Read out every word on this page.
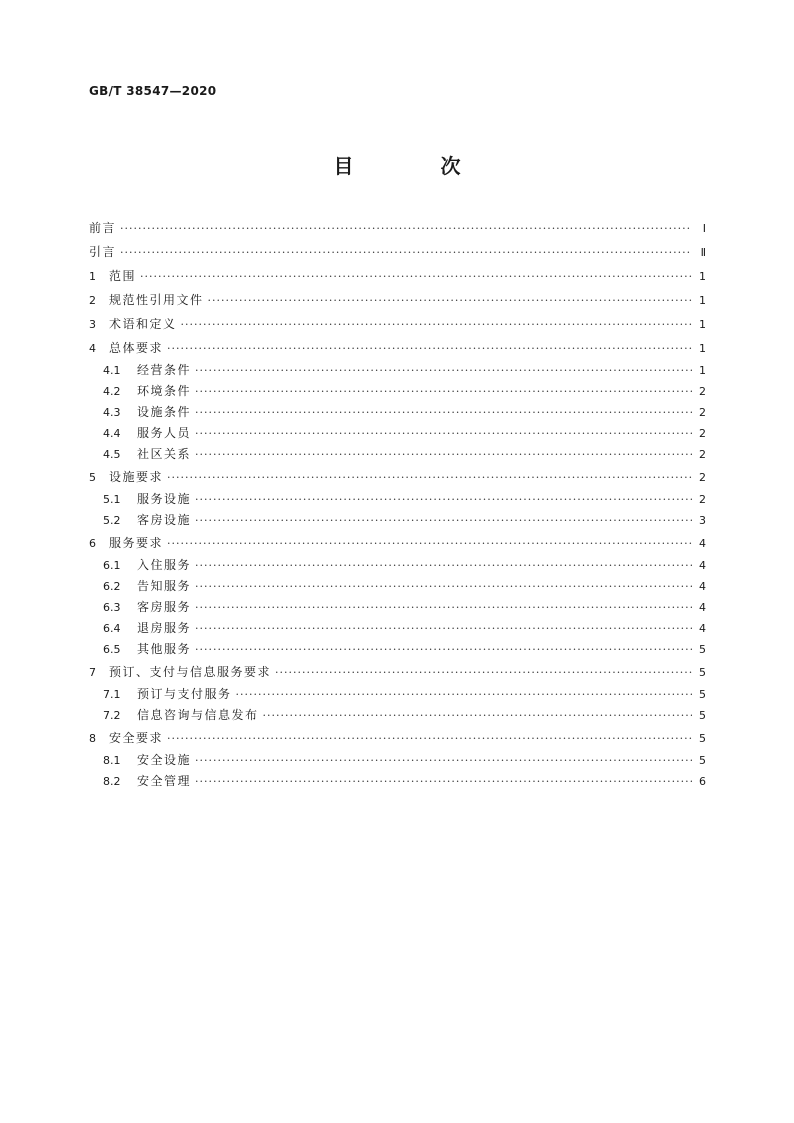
GB/T 38547—2020
目 次
前言 ·····	Ⅰ
引言 ·····	Ⅱ
1	范围 ·····	1
2	规范性引用文件 ·····	1
3	术语和定义 ·····	1
4	总体要求 ·····	1
4.1	经营条件 ·····	1
4.2	环境条件 ·····	2
4.3	设施条件 ·····	2
4.4	服务人员 ·····	2
4.5	社区关系 ·····	2
5	设施要求 ·····	2
5.1	服务设施 ·····	2
5.2	客房设施 ·····	3
6	服务要求 ·····	4
6.1	入住服务 ·····	4
6.2	告知服务 ·····	4
6.3	客房服务 ·····	4
6.4	退房服务 ·····	4
6.5	其他服务 ·····	5
7	预订、支付与信息服务要求 ·····	5
7.1	预订与支付服务 ·····	5
7.2	信息咨询与信息发布 ·····	5
8	安全要求 ·····	5
8.1	安全设施 ·····	5
8.2	安全管理 ·····	6
